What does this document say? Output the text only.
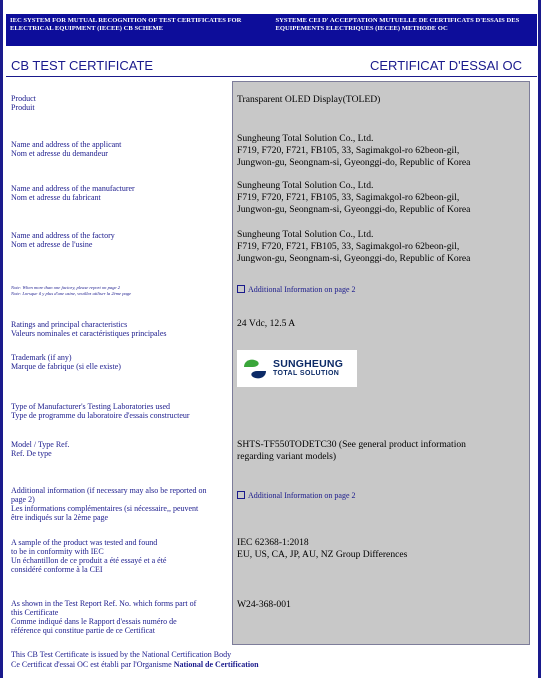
IEC SYSTEM FOR MUTUAL RECOGNITION OF TEST CERTIFICATES FOR ELECTRICAL EQUIPMENT (IECEE) CB SCHEME
SYSTEME CEI D' ACCEPTATION MUTUELLE DE CERTIFICATS D'ESSAIS DES EQUIPEMENTS ELECTRIQUES (IECEE) METHODE OC
CB TEST CERTIFICATE	CERTIFICAT D'ESSAI OC
Product
Produit
Transparent OLED Display(TOLED)
Name and address of the applicant
Nom et adresse du demandeur
Sungheung Total Solution Co., Ltd.
F719, F720, F721, FB105, 33, Sagimakgol-ro 62beon-gil,
Jungwon-gu, Seongnam-si, Gyeonggi-do, Republic of Korea
Name and address of the manufacturer
Nom et adresse du fabricant
Sungheung Total Solution Co., Ltd.
F719, F720, F721, FB105, 33, Sagimakgol-ro 62beon-gil,
Jungwon-gu, Seongnam-si, Gyeonggi-do, Republic of Korea
Name and address of the factory
Nom et adresse de l'usine
Sungheung Total Solution Co., Ltd.
F719, F720, F721, FB105, 33, Sagimakgol-ro 62beon-gil,
Jungwon-gu, Seongnam-si, Gyeonggi-do, Republic of Korea
Note: When more than one factory, please report on page 2
Note: Lorsque il y plus d'une usine, veuillez utiliser la 2ème page	Additional Information on page 2
Ratings and principal characteristics
Valeurs nominales et caractéristiques principales
24 Vdc, 12.5 A
Trademark (if any)
Marque de fabrique (si elle existe)	SUNGHEUNG
TOTAL SOLUTION
Type of Manufacturer's Testing Laboratories used
Type de programme du laboratoire d'essais constructeur
Model / Type Ref.
Ref. De type
SHTS-TF550TODETC30 (See general product information
regarding variant models)
Additional information (if necessary may also be reported on
page 2)
Les informations complémentaires (si nécessaire,, peuvent
être indiqués sur la 2ème page
Additional Information on page 2
A sample of the product was tested and found
to be in conformity with IEC
Un échantillon de ce produit a été essayé et a été
considéré conforme à la CEI
IEC 62368-1:2018
EU, US, CA, JP, AU, NZ Group Differences
As shown in the Test Report Ref. No. which forms part of
this Certificate
Comme indiqué dans le Rapport d'essais numéro de
référence qui constitue partie de ce Certificat
W24-368-001
This CB Test Certificate is issued by the National Certification Body
Ce Certificat d'essai OC est établi par l'Organisme National de Certification
